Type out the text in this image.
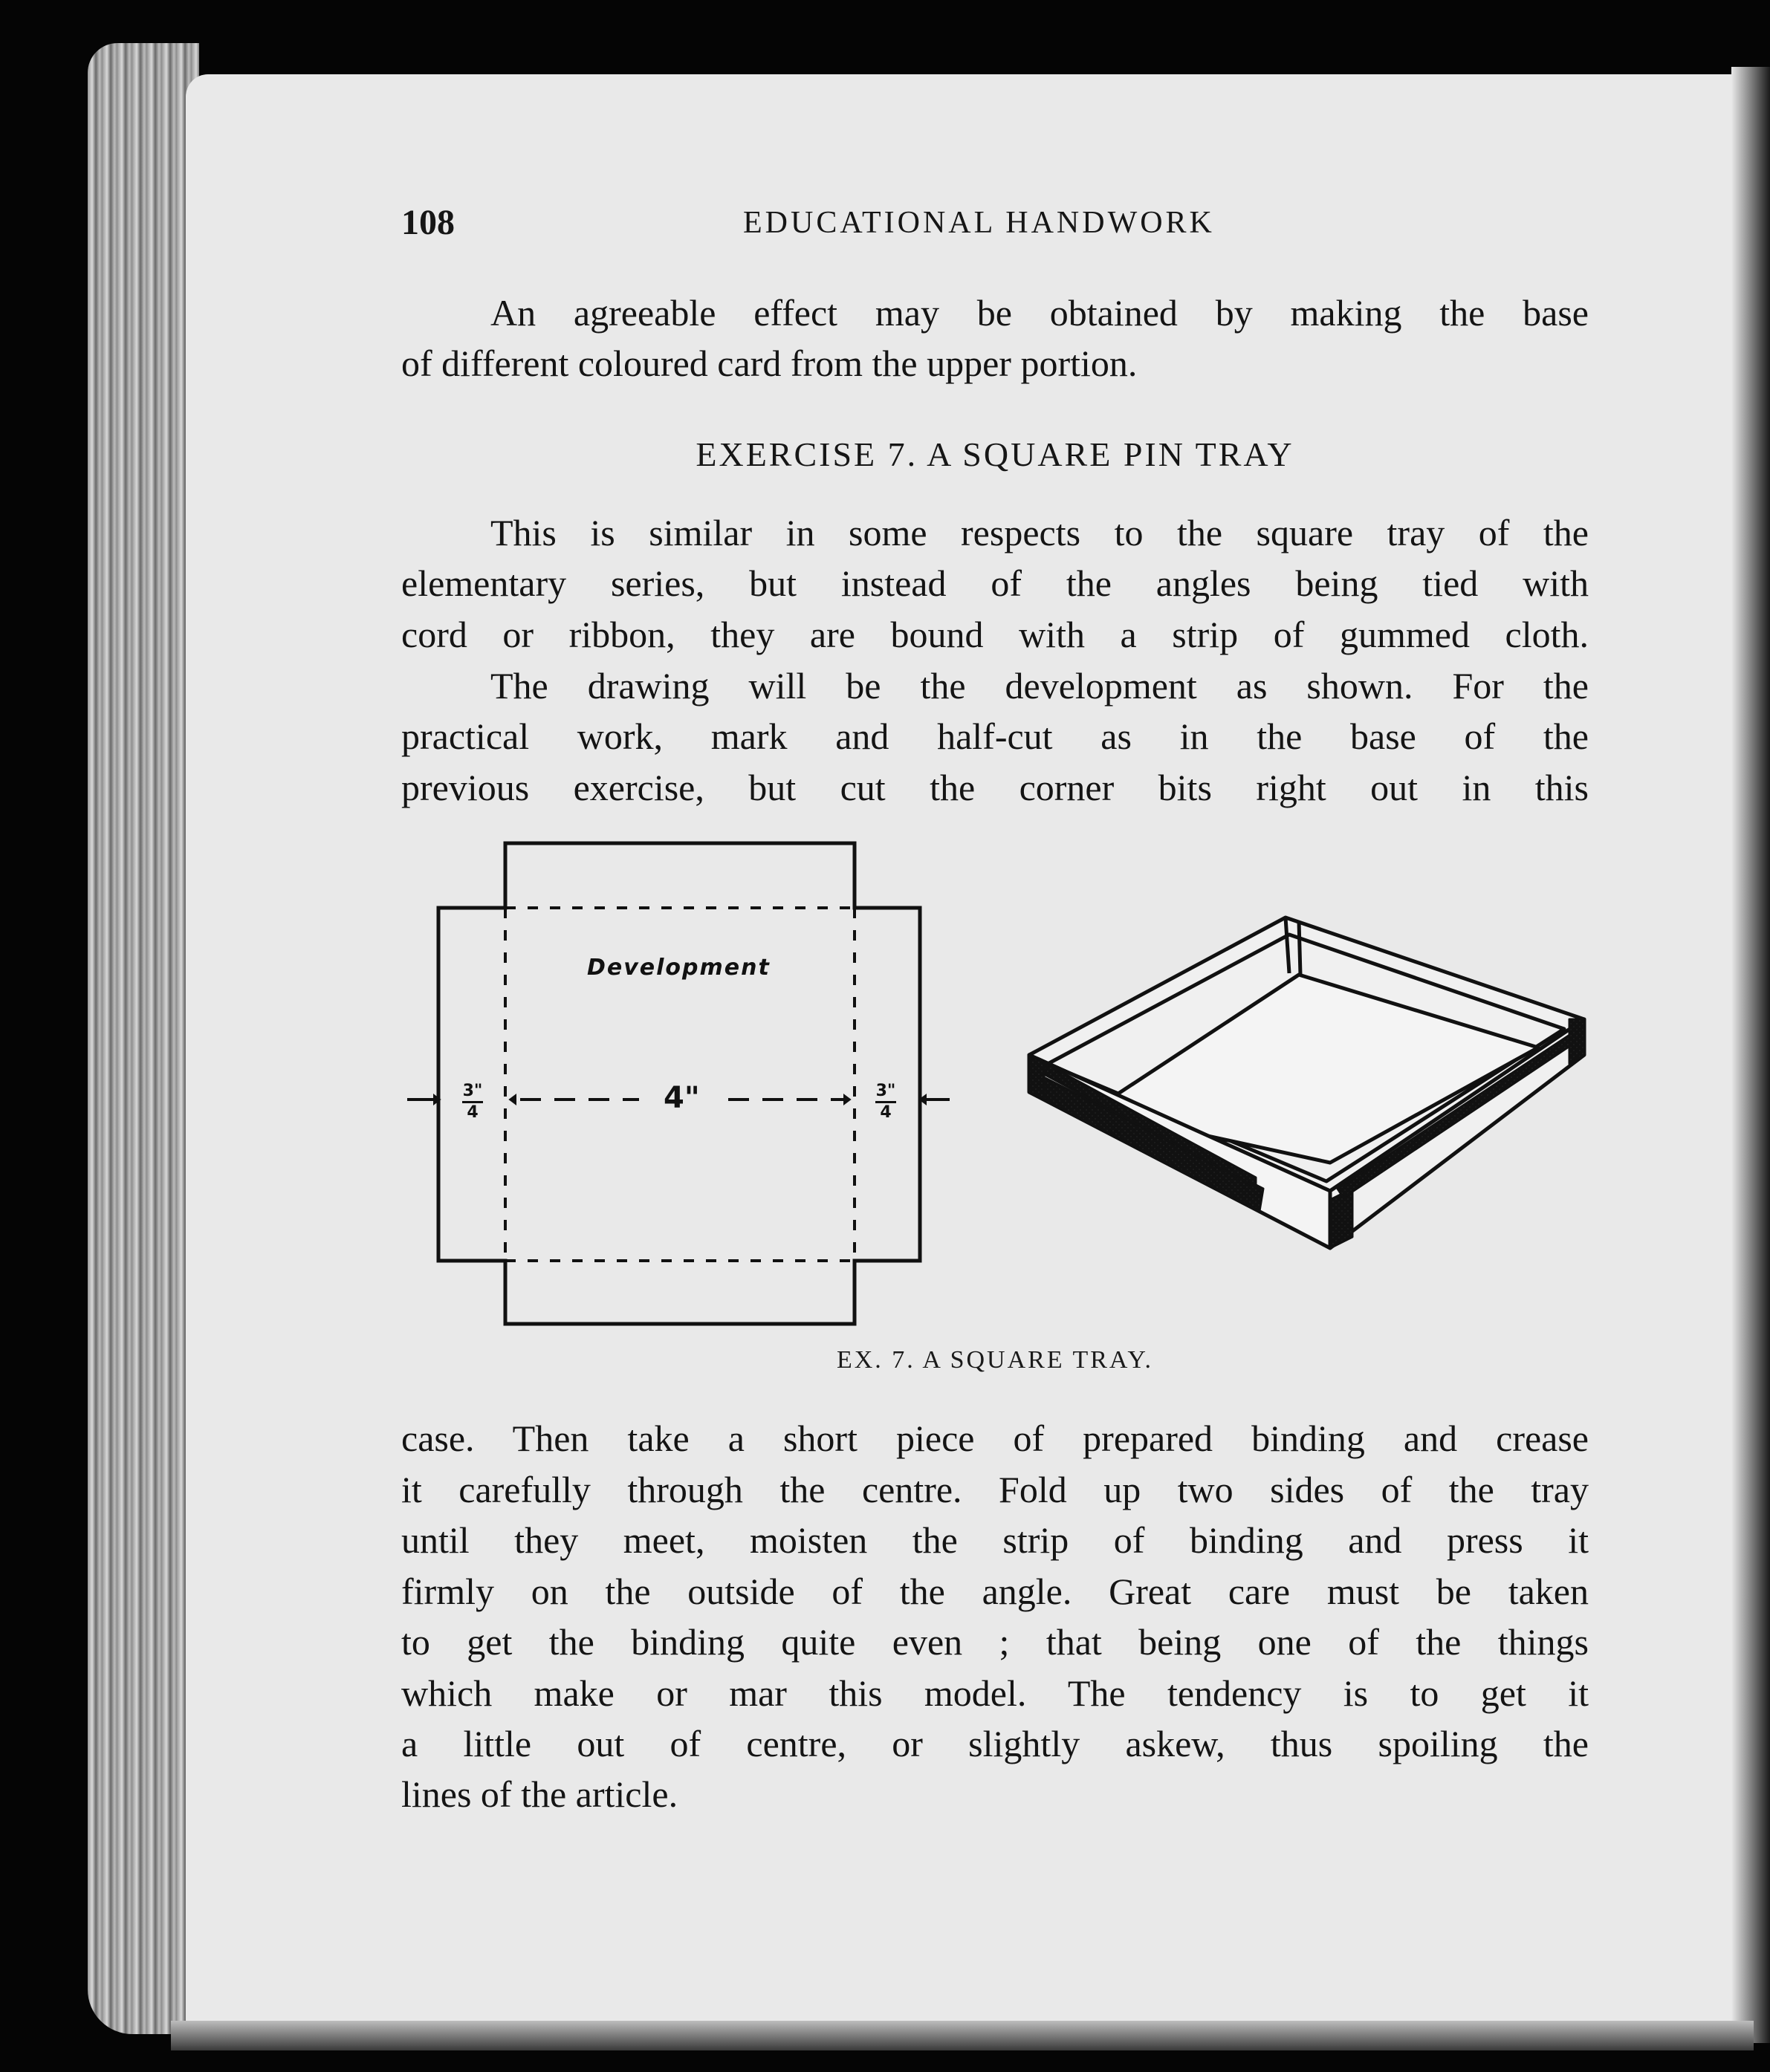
108	EDUCATIONAL HANDWORK
An agreeable effect may be obtained by making the base
of different coloured card from the upper portion.
EXERCISE 7. A SQUARE PIN TRAY
This is similar in some respects to the square tray of the
elementary series, but instead of the angles being tied with
cord or ribbon, they are bound with a strip of gummed cloth.
The drawing will be the development as shown. For the
practical work, mark and half-cut as in the base of the
previous exercise, but cut the corner bits right out in this
Development
4"
3"
4
3"
4
EX. 7. A SQUARE TRAY.
case. Then take a short piece of prepared binding and crease
it carefully through the centre. Fold up two sides of the tray
until they meet, moisten the strip of binding and press it
firmly on the outside of the angle. Great care must be taken
to get the binding quite even ; that being one of the things
which make or mar this model. The tendency is to get it
a little out of centre, or slightly askew, thus spoiling the
lines of the article.
